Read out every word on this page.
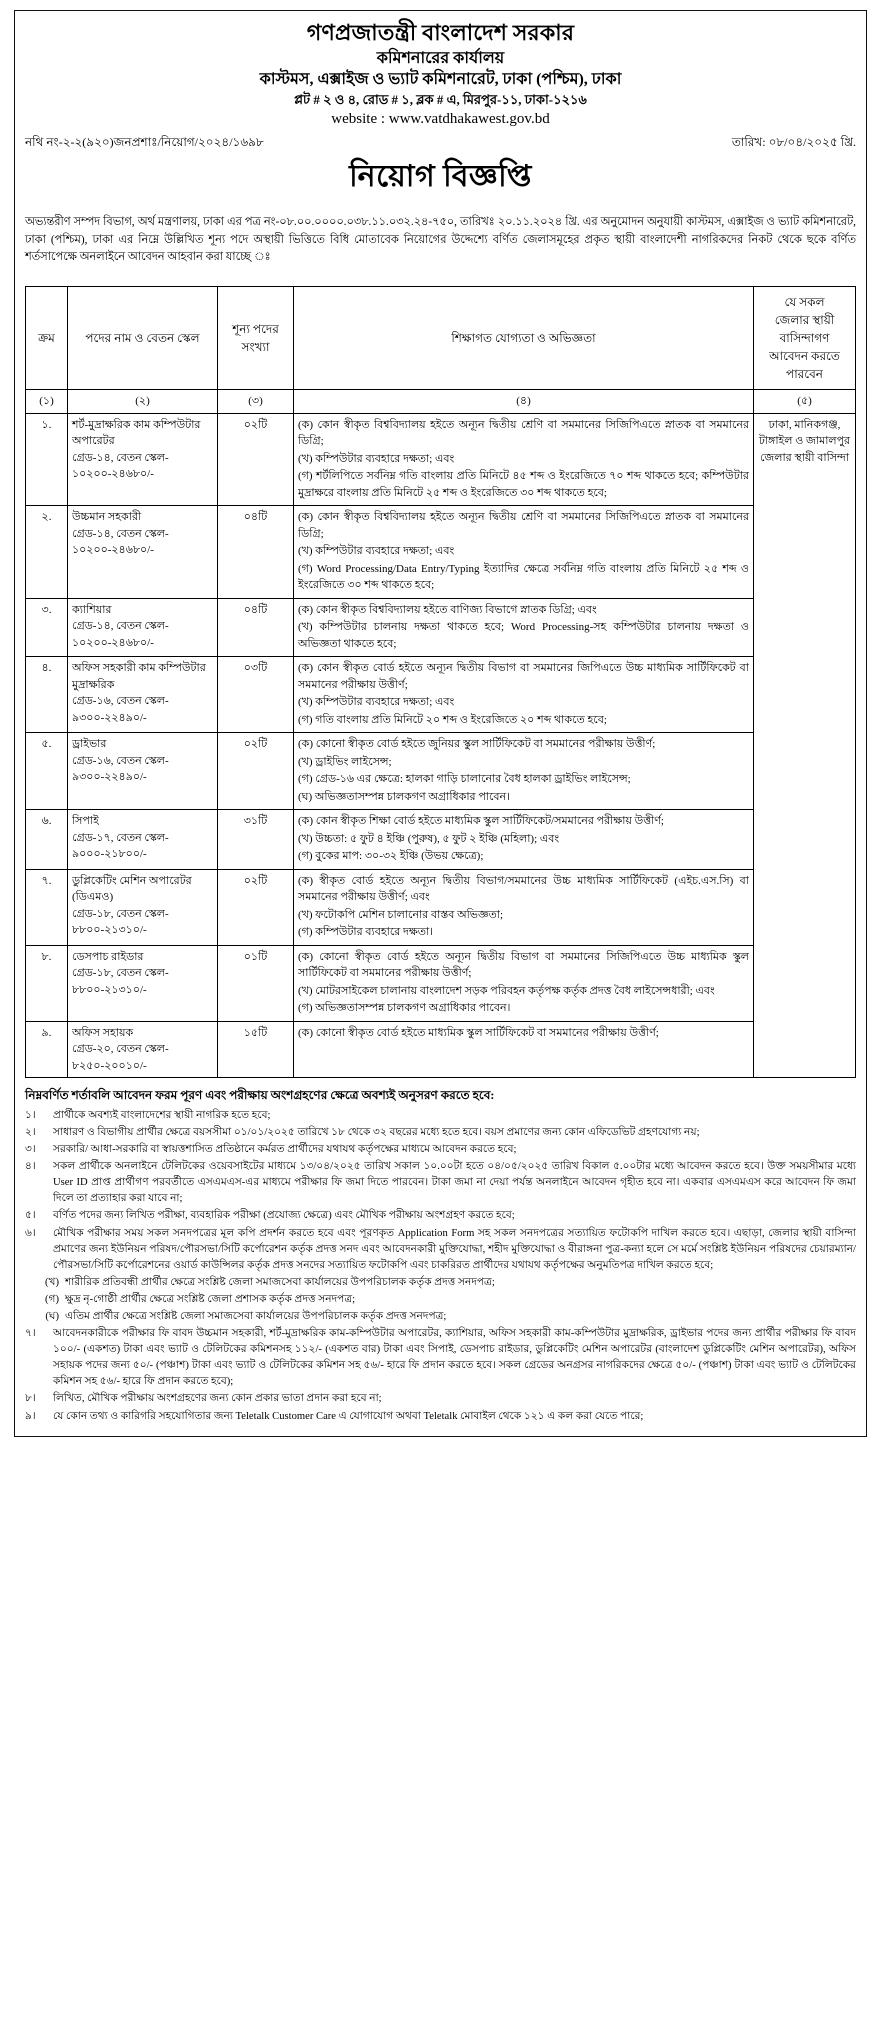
গণপ্রজাতন্ত্রী বাংলাদেশ সরকার
কমিশনারের কার্যালয়
কাস্টমস, এক্সাইজ ও ভ্যাট কমিশনারেট, ঢাকা (পশ্চিম), ঢাকা
প্লট # ২ ও ৪, রোড # ১, ব্লক # এ, মিরপুর-১১, ঢাকা-১২১৬
website : www.vatdhakawest.gov.bd
নথি নং-২-২(৯২০)জনপ্রশাঃ/নিয়োগ/২০২৪/১৬৯৮	তারিখ: ০৮/০৪/২০২৫ খ্রি.
নিয়োগ বিজ্ঞপ্তি

অভ্যন্তরীণ সম্পদ বিভাগ, অর্থ মন্ত্রণালয়, ঢাকা এর পত্র নং-০৮.০০.০০০০.০৩৮.১১.০৩২.২৪-৭৫০, তারিখঃ ২০.১১.২০২৪ খ্রি. এর অনুমোদন অনুযায়ী কাস্টমস, এক্সাইজ ও ভ্যাট কমিশনারেট, ঢাকা (পশ্চিম), ঢাকা এর নিম্নে উল্লিখিত শূন্য পদে অস্থায়ী ভিত্তিতে বিধি মোতাবেক নিয়োগের উদ্দেশ্যে বর্ণিত জেলাসমূহের প্রকৃত স্থায়ী বাংলাদেশী নাগরিকদের নিকট থেকে ছকে বর্ণিত শর্তসাপেক্ষে অনলাইনে আবেদন আহবান করা যাচ্ছে ঃ

ক্রম	পদের নাম ও বেতন স্কেল	শূন্য পদের
সংখ্যা	শিক্ষাগত যোগ্যতা ও অভিজ্ঞতা	যে সকল
জেলার স্থায়ী
বাসিন্দাগণ
আবেদন করতে
পারবেন
(১)	(২)	(৩)	(৪)	(৫)
১.	শর্ট-মুদ্রাক্ষরিক কাম কম্পিউটার অপারেটর
গ্রেড-১৪, বেতন স্কেল-
১০২০০-২৪৬৮০/-
	০২টি	(ক) কোন স্বীকৃত বিশ্ববিদ্যালয় হইতে অন্যূন দ্বিতীয় শ্রেণি বা সমমানের সিজিপিএতে স্নাতক বা সমমানের ডিগ্রি;
(খ) কম্পিউটার ব্যবহারে দক্ষতা; এবং
(গ) শর্টলিপিতে সর্বনিম্ন গতি বাংলায় প্রতি মিনিটে ৪৫ শব্দ ও ইংরেজিতে ৭০ শব্দ থাকতে হবে; কম্পিউটার মুদ্রাক্ষরে বাংলায় প্রতি মিনিটে ২৫ শব্দ ও ইংরেজিতে ৩০ শব্দ থাকতে হবে;
	ঢাকা, মানিকগঞ্জ, টাঙ্গাইল ও জামালপুর জেলার স্থায়ী বাসিন্দা
২.	উচ্চমান সহকারী
গ্রেড-১৪, বেতন স্কেল-
১০২০০-২৪৬৮০/-
	০৪টি	(ক) কোন স্বীকৃত বিশ্ববিদ্যালয় হইতে অন্যূন দ্বিতীয় শ্রেণি বা সমমানের সিজিপিএতে স্নাতক বা সমমানের ডিগ্রি;
(খ) কম্পিউটার ব্যবহারে দক্ষতা; এবং
(গ) Word Processing/Data Entry/Typing ইত্যাদির ক্ষেত্রে সর্বনিম্ন গতি বাংলায় প্রতি মিনিটে ২৫ শব্দ ও ইংরেজিতে ৩০ শব্দ থাকতে হবে;

৩.	ক্যাশিয়ার
গ্রেড-১৪, বেতন স্কেল-
১০২০০-২৪৬৮০/-	০৪টি	(ক) কোন স্বীকৃত বিশ্ববিদ্যালয় হইতে বাণিজ্য বিভাগে স্নাতক ডিগ্রি; এবং
(খ) কম্পিউটার চালনায় দক্ষতা থাকতে হবে; Word Processing-সহ কম্পিউটার চালনায় দক্ষতা ও অভিজ্ঞতা থাকতে হবে;	

৪.	অফিস সহকারী কাম কম্পিউটার মুদ্রাক্ষরিক
গ্রেড-১৬, বেতন স্কেল-
৯৩০০-২২৪৯০/-
	০৩টি	(ক) কোন স্বীকৃত বোর্ড হইতে অন্যূন দ্বিতীয় বিভাগ বা সমমানের জিপিএতে উচ্চ মাধ্যমিক সার্টিফিকেট বা সমমানের পরীক্ষায় উত্তীর্ণ;
(খ) কম্পিউটার ব্যবহারে দক্ষতা; এবং
(গ) গতি বাংলায় প্রতি মিনিটে ২০ শব্দ ও ইংরেজিতে ২০ শব্দ থাকতে হবে;

৫.	ড্রাইভার
গ্রেড-১৬, বেতন স্কেল-
৯৩০০-২২৪৯০/-
	০২টি	(ক) কোনো স্বীকৃত বোর্ড হইতে জুনিয়র স্কুল সার্টিফিকেট বা সমমানের পরীক্ষায় উত্তীর্ণ;
(খ) ড্রাইভিং লাইসেন্স;
(গ) গ্রেড-১৬ এর ক্ষেত্রে: হালকা গাড়ি চালানোর বৈধ হালকা ড্রাইভিং লাইসেন্স;
(ঘ) অভিজ্ঞতাসম্পন্ন চালকগণ অগ্রাধিকার পাবেন।

৬.	সিপাই
গ্রেড-১৭, বেতন স্কেল-
৯০০০-২১৮০০/-	৩১টি	(ক) কোন স্বীকৃত শিক্ষা বোর্ড হইতে মাধ্যমিক স্কুল সার্টিফিকেট/সমমানের পরীক্ষায় উত্তীর্ণ;
(খ) উচ্চতা: ৫ ফুট ৪ ইঞ্চি (পুরুষ), ৫ ফুট ২ ইঞ্চি (মহিলা); এবং
(গ) বুকের মাপ: ৩০-৩২ ইঞ্চি (উভয় ক্ষেত্রে);	

৭.	ডুপ্লিকেটিং মেশিন অপারেটর (ডিএমও)
গ্রেড-১৮, বেতন স্কেল-
৮৮০০-২১৩১০/-	০২টি	(ক) স্বীকৃত বোর্ড হইতে অন্যূন দ্বিতীয় বিভাগ/সমমানের উচ্চ মাধ্যমিক সার্টিফিকেট (এইচ.এস.সি) বা সমমানের পরীক্ষায় উত্তীর্ণ; এবং
(খ) ফটোকপি মেশিন চালানোর বাস্তব অভিজ্ঞতা;
(গ) কম্পিউটার ব্যবহারে দক্ষতা।	

৮.	ডেসপাচ রাইডার
গ্রেড-১৮, বেতন স্কেল-
৮৮০০-২১৩১০/-
	০১টি	(ক) কোনো স্বীকৃত বোর্ড হইতে অন্যূন দ্বিতীয় বিভাগ বা সমমানের সিজিপিএতে উচ্চ মাধ্যমিক স্কুল সার্টিফিকেট বা সমমানের পরীক্ষায় উত্তীর্ণ;
(খ) মোটরসাইকেল চালানায় বাংলাদেশ সড়ক পরিবহন কর্তৃপক্ষ কর্তৃক প্রদত্ত বৈধ লাইসেন্সধারী; এবং
(গ) অভিজ্ঞতাসম্পন্ন চালকগণ অগ্রাধিকার পাবেন।

৯.	অফিস সহায়ক
গ্রেড-২০, বেতন স্কেল-
৮২৫০-২০০১০/-	১৫টি	(ক) কোনো স্বীকৃত বোর্ড হইতে মাধ্যমিক স্কুল সার্টিফিকেট বা সমমানের পরীক্ষায় উত্তীর্ণ;	
নিম্নবর্ণিত শর্তাবলি আবেদন ফরম পূরণ এবং পরীক্ষায় অংশগ্রহণের ক্ষেত্রে অবশ্যই অনুসরণ করতে হবে:
১।	প্রার্থীকে অবশ্যই বাংলাদেশের স্থায়ী নাগরিক হতে হবে;
২।	সাধারণ ও বিভাগীয় প্রার্থীর ক্ষেত্রে বয়সসীমা ০১/০১/২০২৫ তারিখে ১৮ থেকে ৩২ বছরের মধ্যে হতে হবে। বয়স প্রমাণের জন্য কোন এফিডেভিট গ্রহণযোগ্য নয়;
৩।	সরকারি/ আধা-সরকারি বা স্বায়ত্তশাসিত প্রতিষ্ঠানে কর্মরত প্রার্থীদের যথাযথ কর্তৃপক্ষের মাধ্যমে আবেদন করতে হবে;
৪।	সকল প্রার্থীকে অনলাইনে টেলিটকের ওয়েবসাইটের মাধ্যমে ১৩/০৪/২০২৫ তারিখ সকাল ১০.০০টা হতে ০৪/০৫/২০২৫ তারিখ বিকাল ৫.০০টার মধ্যে আবেদন করতে হবে। উক্ত সময়সীমার মধ্যে User ID প্রাপ্ত প্রার্থীগণ পরবর্তীতে এসএমএস-এর মাধ্যমে পরীক্ষার ফি জমা দিতে পারবেন। টাকা জমা না দেয়া পর্যন্ত অনলাইনে আবেদন গৃহীত হবে না। একবার এসএমএস করে আবেদন ফি জমা দিলে তা প্রত্যাহার করা যাবে না;
৫।	বর্ণিত পদের জন্য লিখিত পরীক্ষা, ব্যবহারিক পরীক্ষা (প্রযোজ্য ক্ষেত্রে) এবং মৌখিক পরীক্ষায় অংশগ্রহণ করতে হবে;
৬।	মৌখিক পরীক্ষার সময় সকল সনদপত্রের মূল কপি প্রদর্শন করতে হবে এবং পূরণকৃত Application Form সহ সকল সনদপত্রের সত্যায়িত ফটোকপি দাখিল করতে হবে। এছাড়া, জেলার স্থায়ী বাসিন্দা প্রমাণের জন্য ইউনিয়ন পরিষদ/পৌরসভা/সিটি কর্পোরেশন কর্তৃক প্রদত্ত সনদ এবং আবেদনকারী মুক্তিযোদ্ধা, শহীদ মুক্তিযোদ্ধা ও বীরাঙ্গনা পুত্র-কন্যা হলে সে মর্মে সংশ্লিষ্ট ইউনিয়ন পরিষদের চেয়ারম্যান/পৌরসভা/সিটি কর্পোরেশনের ওয়ার্ড কাউন্সিলর কর্তৃক প্রদত্ত সনদের সত্যায়িত ফটোকপি এবং চাকরিরত প্রার্থীদের যথাযথ কর্তৃপক্ষের অনুমতিপত্র দাখিল করতে হবে;
(খ) শারীরিক প্রতিবন্ধী প্রার্থীর ক্ষেত্রে সংশ্লিষ্ট জেলা সমাজসেবা কার্যালয়ের উপপরিচালক কর্তৃক প্রদত্ত সনদপত্র;
(গ) ক্ষুদ্র নৃ-গোষ্ঠী প্রার্থীর ক্ষেত্রে সংশ্লিষ্ট জেলা প্রশাসক কর্তৃক প্রদত্ত সনদপত্র;
(ঘ) এতিম প্রার্থীর ক্ষেত্রে সংশ্লিষ্ট জেলা সমাজসেবা কার্যালয়ের উপপরিচালক কর্তৃক প্রদত্ত সনদপত্র;
৭।	আবেদনকারীকে পরীক্ষার ফি বাবদ উচ্চমান সহকারী, শর্ট-মুদ্রাক্ষরিক কাম-কম্পিউটার অপারেটর, ক্যাশিয়ার, অফিস সহকারী কাম-কম্পিউটার মুদ্রাক্ষরিক, ড্রাইভার পদের জন্য প্রার্থীর পরীক্ষার ফি বাবদ ১০০/- (একশত) টাকা এবং ভ্যাট ও টেলিটকের কমিশনসহ ১১২/- (একশত বার) টাকা এবং সিপাই, ডেসপাচ রাইডার, ডুপ্লিকেটিং মেশিন অপারেটর (বাংলাদেশ ডুপ্লিকেটিং মেশিন অপারেটর), অফিস সহায়ক পদের জন্য ৫০/- (পঞ্চাশ) টাকা এবং ভ্যাট ও টেলিটকের কমিশন সহ ৫৬/- হারে ফি প্রদান করতে হবে। সকল গ্রেডের অনগ্রসর নাগরিকদের ক্ষেত্রে ৫০/- (পঞ্চাশ) টাকা এবং ভ্যাট ও টেলিটকের কমিশন সহ ৫৬/- হারে ফি প্রদান করতে হবে);
৮।	লিখিত, মৌখিক পরীক্ষায় অংশগ্রহণের জন্য কোন প্রকার ভাতা প্রদান করা হবে না;
৯।	যে কোন তথ্য ও কারিগরি সহযোগিতার জন্য Teletalk Customer Care এ যোগাযোগ অথবা Teletalk মোবাইল থেকে ১২১ এ কল করা যেতে পারে;
